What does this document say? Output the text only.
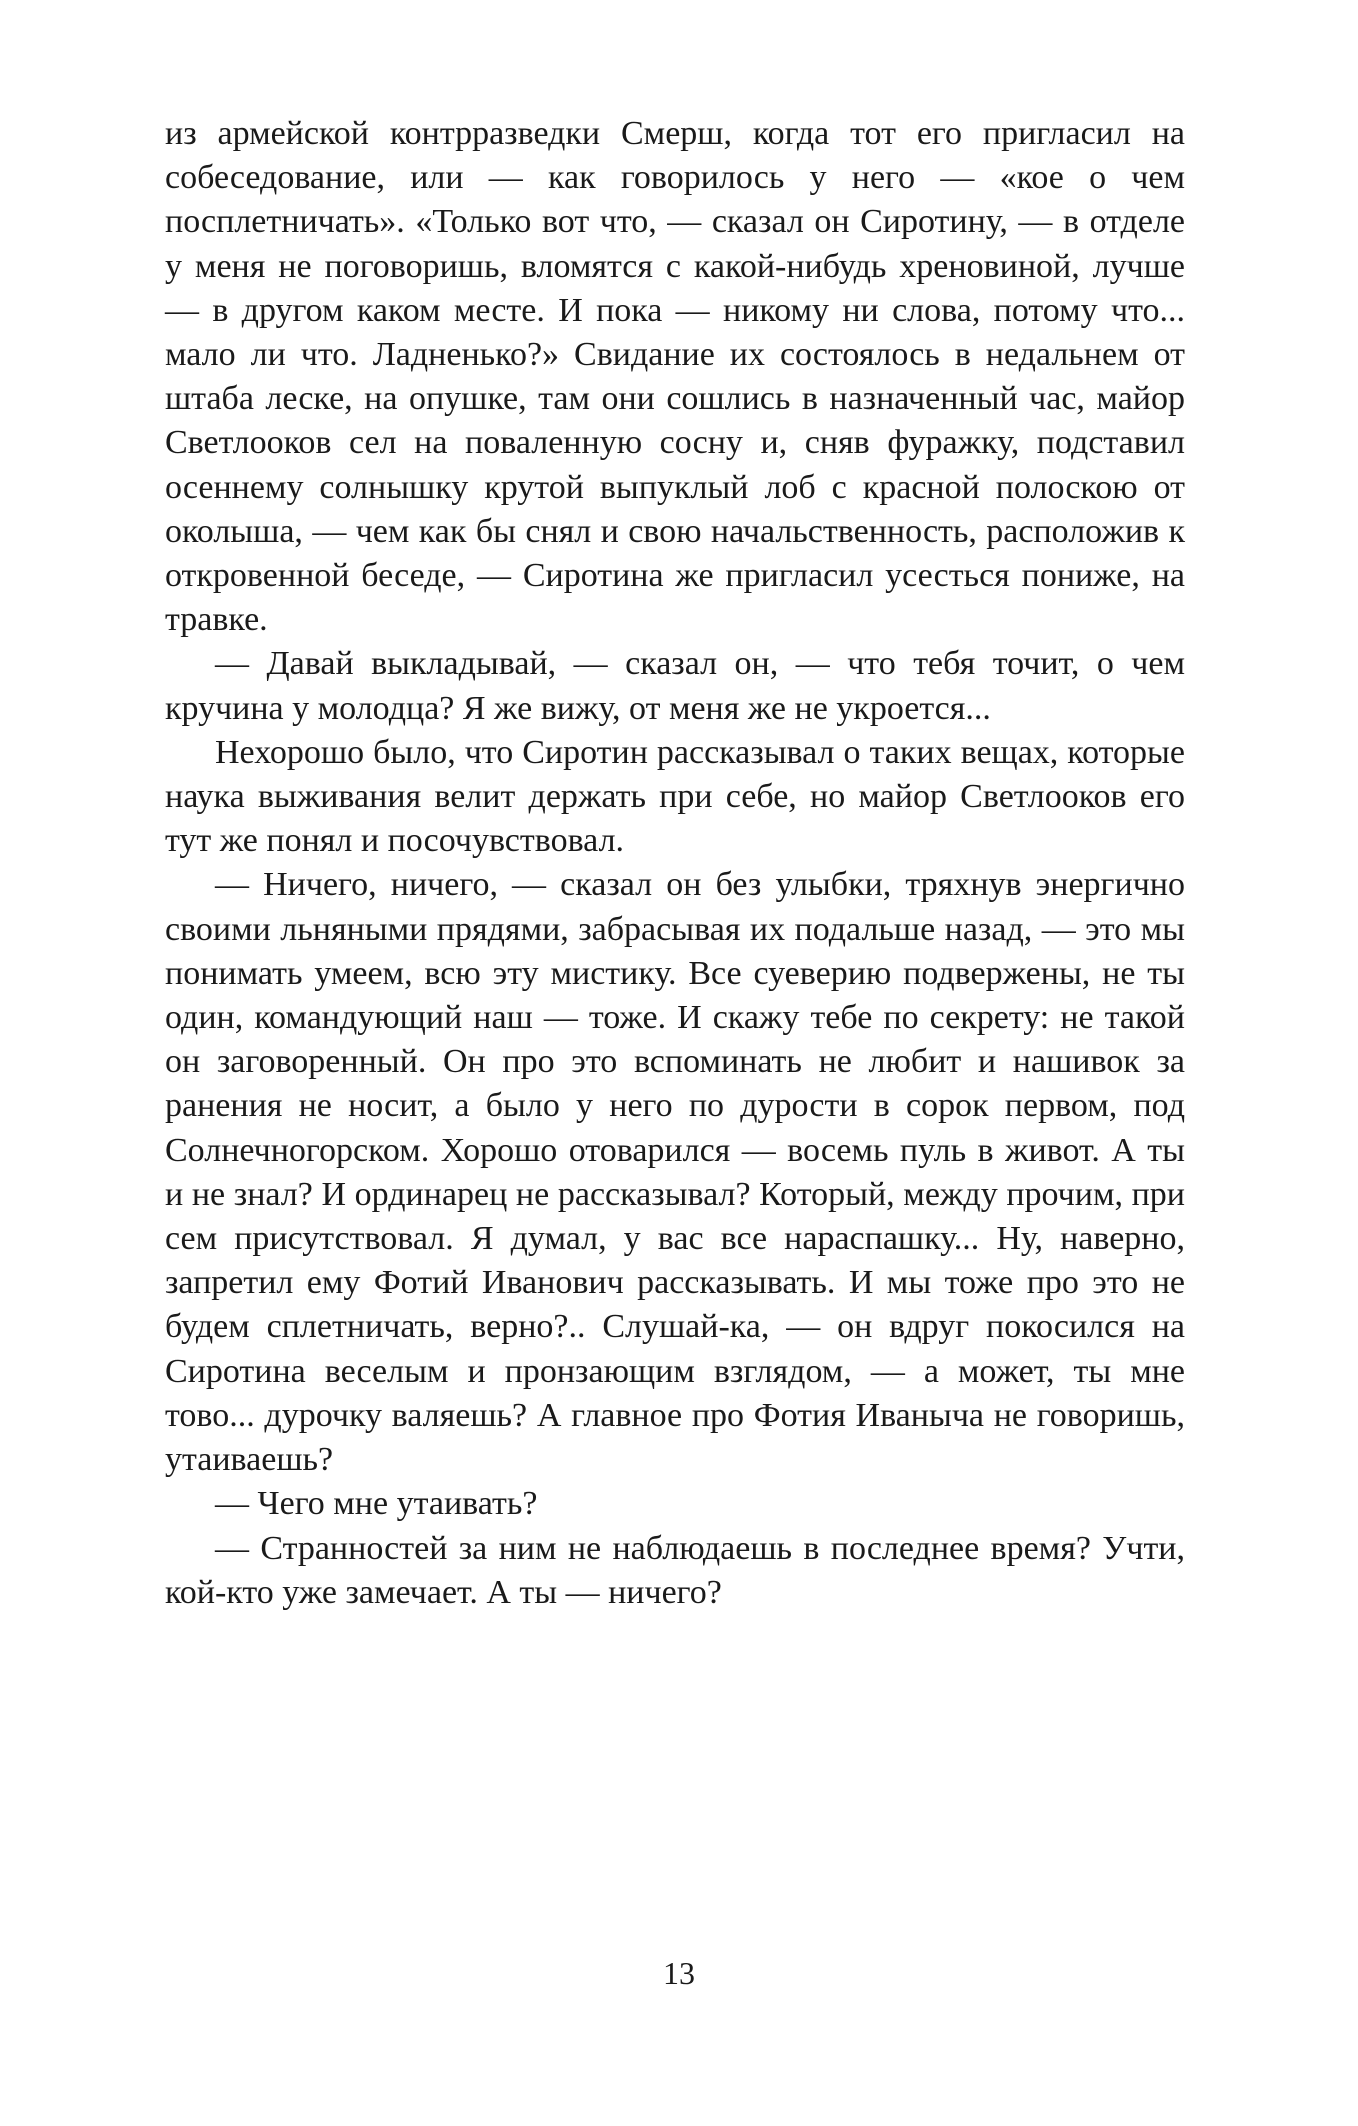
из армейской контрразведки Смерш, когда тот его пригласил на собеседование, или — как говорилось у него — «кое о чем посплетничать». «Только вот что, — сказал он Сиротину, — в отделе у меня не поговоришь, вломятся с какой-нибудь хреновиной, лучше — в другом каком месте. И пока — никому ни слова, потому что... мало ли что. Ладненько?» Свидание их состоялось в недальнем от штаба леске, на опушке, там они сошлись в назначенный час, майор Светлооков сел на поваленную сосну и, сняв фуражку, подставил осеннему солнышку крутой выпуклый лоб с красной полоскою от околыша, — чем как бы снял и свою начальственность, расположив к откровенной беседе, — Сиротина же пригласил усесться пониже, на травке.

— Давай выкладывай, — сказал он, — что тебя точит, о чем кручина у молодца? Я же вижу, от меня же не укроется...

Нехорошо было, что Сиротин рассказывал о таких вещах, которые наука выживания велит держать при себе, но майор Светлооков его тут же понял и посочувствовал.

— Ничего, ничего, — сказал он без улыбки, тряхнув энергично своими льняными прядями, забрасывая их подальше назад, — это мы понимать умеем, всю эту мистику. Все суеверию подвержены, не ты один, командующий наш — тоже. И скажу тебе по секрету: не такой он заговоренный. Он про это вспоминать не любит и нашивок за ранения не носит, а было у него по дурости в сорок первом, под Солнечногорском. Хорошо отоварился — восемь пуль в живот. А ты и не знал? И ординарец не рассказывал? Который, между прочим, при сем присутствовал. Я думал, у вас все нараспашку... Ну, наверно, запретил ему Фотий Иванович рассказывать. И мы тоже про это не будем сплетничать, верно?.. Слушай-ка, — он вдруг покосился на Сиротина веселым и пронзающим взглядом, — а может, ты мне тово... дурочку валяешь? А главное про Фотия Иваныча не говоришь, утаиваешь?

— Чего мне утаивать?

— Странностей за ним не наблюдаешь в последнее время? Учти, кой-кто уже замечает. А ты — ничего?

13
